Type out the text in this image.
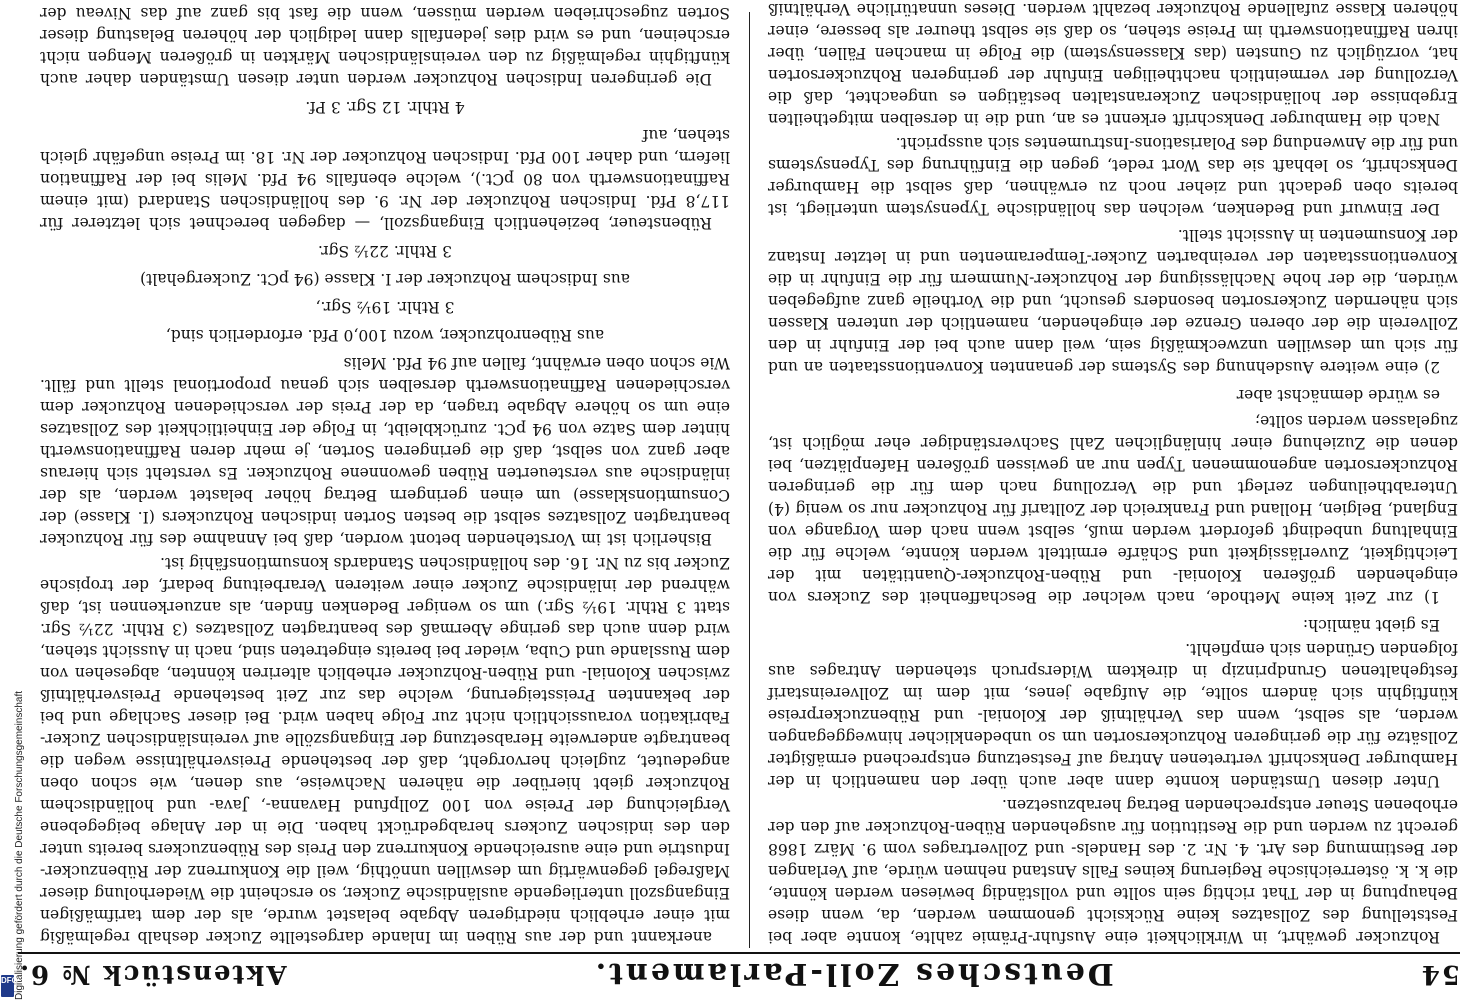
Digitalisierung gefördert durch die Deutsche Forschungsgemeinschaft
DFG	54
Deutsches Zoll-Parlament.
Aktenstück № 6.

Rohzucker gewährt, in Wirklichkeit eine Ausfuhr-Prämie zahlte, konnte aber bei Feststellung des Zollsatzes keine Rücksicht genommen werden, da, wenn diese Behauptung in der That richtig sein sollte und vollständig bewiesen werden könnte, die k. k. österreichische Regierung keines Falls Anstand nehmen würde, auf Verlangen der Bestimmung des Art. 4. Nr. 2. des Handels- und Zollvertrages vom 9. März 1868 gerecht zu werden und die Restitution für ausgehenden Rüben-Rohzucker auf den der erhobenen Steuer entsprechenden Betrag herabzusetzen.

Unter diesen Umständen konnte dann aber auch über den namentlich in der Hamburger Denkschrift vertretenen Antrag auf Festsetzung entsprechend ermäßigter Zollsätze für die geringeren Rohzuckersorten um so unbedenklicher hinweggegangen werden, als selbst, wenn das Verhältniß der Kolonial- und Rübenzuckerpreise künftighin sich ändern sollte, die Aufgabe jenes, mit dem im Zollvereinstarif festgehaltenen Grundprinzip in direktem Widerspruch stehenden Antrages aus folgenden Gründen sich empfiehlt.

Es giebt nämlich:

1) zur Zeit keine Methode, nach welcher die Beschaffenheit des Zuckers von eingehenden größeren Kolonial- und Rüben-Rohzucker-Quantitäten mit der Leichtigkeit, Zuverlässigkeit und Schärfe ermittelt werden könnte, welche für die Einhaltung unbedingt gefordert werden muß, selbst wenn nach dem Vorgange von England, Belgien, Holland und Frankreich der Zolltarif für Rohzucker nur so wenig (4) Unterabtheilungen zerlegt und die Verzollung nach dem für die geringeren Rohzuckersorten angenommenen Typen nur an gewissen größeren Hafenplätzen, bei denen die Zuziehung einer hinlänglichen Zahl Sachverständiger eher möglich ist, zugelassen werden sollte;

es würde demnächst aber

2) eine weitere Ausdehnung des Systems der genannten Konventionsstaaten an und für sich um deswillen unzweckmäßig sein, weil dann auch bei der Einfuhr in den Zollverein die der oberen Grenze der eingehenden, namentlich der unteren Klassen sich nähernden Zuckersorten besonders gesucht, und die Vortheile ganz aufgegeben würden, die der hohe Nachlässigung der Rohzucker-Nummern für die Einfuhr in die Konventionsstaaten der vereinbarten Zucker-Temperamenten und in letzter Instanz der Konsumenten in Aussicht stellt.

Der Einwurf und Bedenken, welchen das holländische Typensystem unterliegt, ist bereits oben gedacht und zieher noch zu erwähnen, daß selbst die Hamburger Denkschrift, so lebhaft sie das Wort redet, gegen die Einführung des Typensystems und für die Anwendung des Polarisations-Instrumentes sich ausspricht.

Nach die Hamburger Denkschrift erkennt es an, und die in derselben mitgetheilten Ergebnisse der holländischen Zuckeranstalten bestätigen es ungeachtet, daß die Verzollung der vermeintlich nachtheiligen Einfuhr der geringeren Rohzuckersorten hat, vorzüglich zu Gunsten (das Klassensystem) die Folge in manchen Fällen, über ihren Raffinationswerth im Preise stehen, so daß sie selbst theurer als bessere, einer höheren Klasse zufallende Rohzucker bezahlt werden. Dieses unnatürliche Verhältniß

anerkannt und der aus Rüben im Inlande dargestellte Zucker deshalb regelmäßig mit einer erheblich niedrigeren Abgabe belastet wurde, als der dem tarifmäßigen Eingangszoll unterliegende ausländische Zucker, so erscheint die Wiederholung dieser Maßregel gegenwärtig um deswillen unnöthig, weil die Konkurrenz der Rübenzucker-Industrie und eine ausreichende Konkurrenz den Preis des Rübenzuckers bereits unter den des indischen Zuckers herabgedrückt haben. Die in der Anlage beigegebene Vergleichung der Preise von 100 Zollpfund Havanna-, Java- und holländischem Rohzucker giebt hierüber die näheren Nachweise, aus denen, wie schon oben angedeutet, zugleich hervorgeht, daß der bestehende Preisverhältnisse wegen die beantragte anderweite Herabsetzung der Eingangszölle auf vereinsländischen Zucker-Fabrikation voraussichtlich nicht zur Folge haben wird. Bei dieser Sachlage und bei der bekannten Preissteigerung, welche das zur Zeit bestehende Preisverhältniß zwischen Kolonial- und Rüben-Rohzucker erheblich alteriren könnten, abgesehen von dem Russlande und Cuba, wieder bei bereits eingetreten sind, nach in Aussicht stehen, wird denn auch das geringe Abermaß des beantragten Zollsatzes (3 Rthlr. 22½ Sgr. statt 3 Rthlr. 19½ Sgr.) um so weniger Bedenken finden, als anzuerkennen ist, daß während der inländische Zucker einer weiteren Verarbeitung bedarf, der tropische Zucker bis zu Nr. 16. des holländischen Standards konsumtionsfähig ist.

Bisherlich ist im Vorstehenden betont worden, daß bei Annahme des für Rohzucker beantragten Zollsatzes selbst die besten Sorten indischen Rohzuckers (I. Klasse) der Consumtionsklasse) um einen geringern Betrag höher belastet werden, als der inländische aus versteuerten Rüben gewonnene Rohzucker. Es versteht sich hieraus aber ganz von selbst, daß die geringeren Sorten, je mehr deren Raffinationswerth hinter dem Satze von 94 pCt. zurückbleibt, in Folge der Einheitlichkeit des Zollsatzes eine um so höhere Abgabe tragen, da der Preis der verschiedenen Rohzucker dem verschiedenen Raffinationswerth derselben sich genau proportional stellt und fällt. Wie schon oben erwähnt, fallen auf 94 Pfd. Melis

aus Rübenrohzucker, wozu 100,0 Pfd. erforderlich sind,

3 Rthlr. 19½ Sgr.,

aus Indischem Rohzucker der I. Klasse (94 pCt. Zuckergehalt)

3 Rthlr. 22½ Sgr.

Rübensteuer, beziehentlich Eingangszoll, — dagegen berechnet sich letzterer für 117,8 Pfd. Indischen Rohzucker der Nr. 9. des holländischen Standard (mit einem Raffinationswerth von 80 pCt.), welche ebenfalls 94 Pfd. Melis bei der Raffination liefern, und daher 100 Pfd. Indischen Rohzucker der Nr. 18. im Preise ungefähr gleich stehen, auf

4 Rthlr. 12 Sgr. 3 Pf.

Die geringeren Indischen Rohzucker werden unter diesen Umständen daher auch künftighin regelmäßig zu den vereinsländischen Märkten in größeren Mengen nicht erscheinen, und es wird dies jedenfalls dann lediglich der höheren Belastung dieser Sorten zugeschrieben werden müssen, wenn die fast bis ganz auf das Niveau der
